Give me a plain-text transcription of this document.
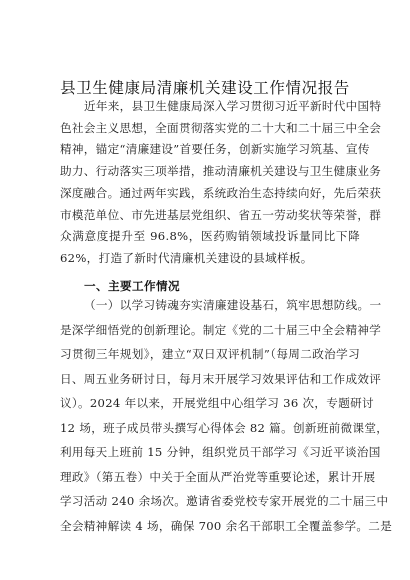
县卫生健康局清廉机关建设工作情况报告
近年来，县卫生健康局深入学习贯彻习近平新时代中国特
色社会主义思想，全面贯彻落实党的二十大和二十届三中全会
精神，锚定“清廉建设”首要任务，创新实施学习筑基、宣传
助力、行动落实三项举措，推动清廉机关建设与卫生健康业务
深度融合。通过两年实践，系统政治生态持续向好，先后荣获
市模范单位、市先进基层党组织、省五一劳动奖状等荣誉，群
众满意度提升至 96.8%，医药购销领域投诉量同比下降
62%，打造了新时代清廉机关建设的县域样板。
一、主要工作情况
（一）以学习铸魂夯实清廉建设基石，筑牢思想防线。一
是深学细悟党的创新理论。制定《党的二十届三中全会精神学
习贯彻三年规划》，建立“双日双评机制”（每周二政治学习
日、周五业务研讨日，每月末开展学习效果评估和工作成效评
议）。2024 年以来，开展党组中心组学习 36 次，专题研讨
12 场，班子成员带头撰写心得体会 82 篇。创新班前微课堂，
利用每天上班前 15 分钟，组织党员干部学习《习近平谈治国
理政》（第五卷）中关于全面从严治党等重要论述，累计开展
学习活动 240 余场次。邀请省委党校专家开展党的二十届三中
全会精神解读 4 场，确保 700 余名干部职工全覆盖参学。二是
